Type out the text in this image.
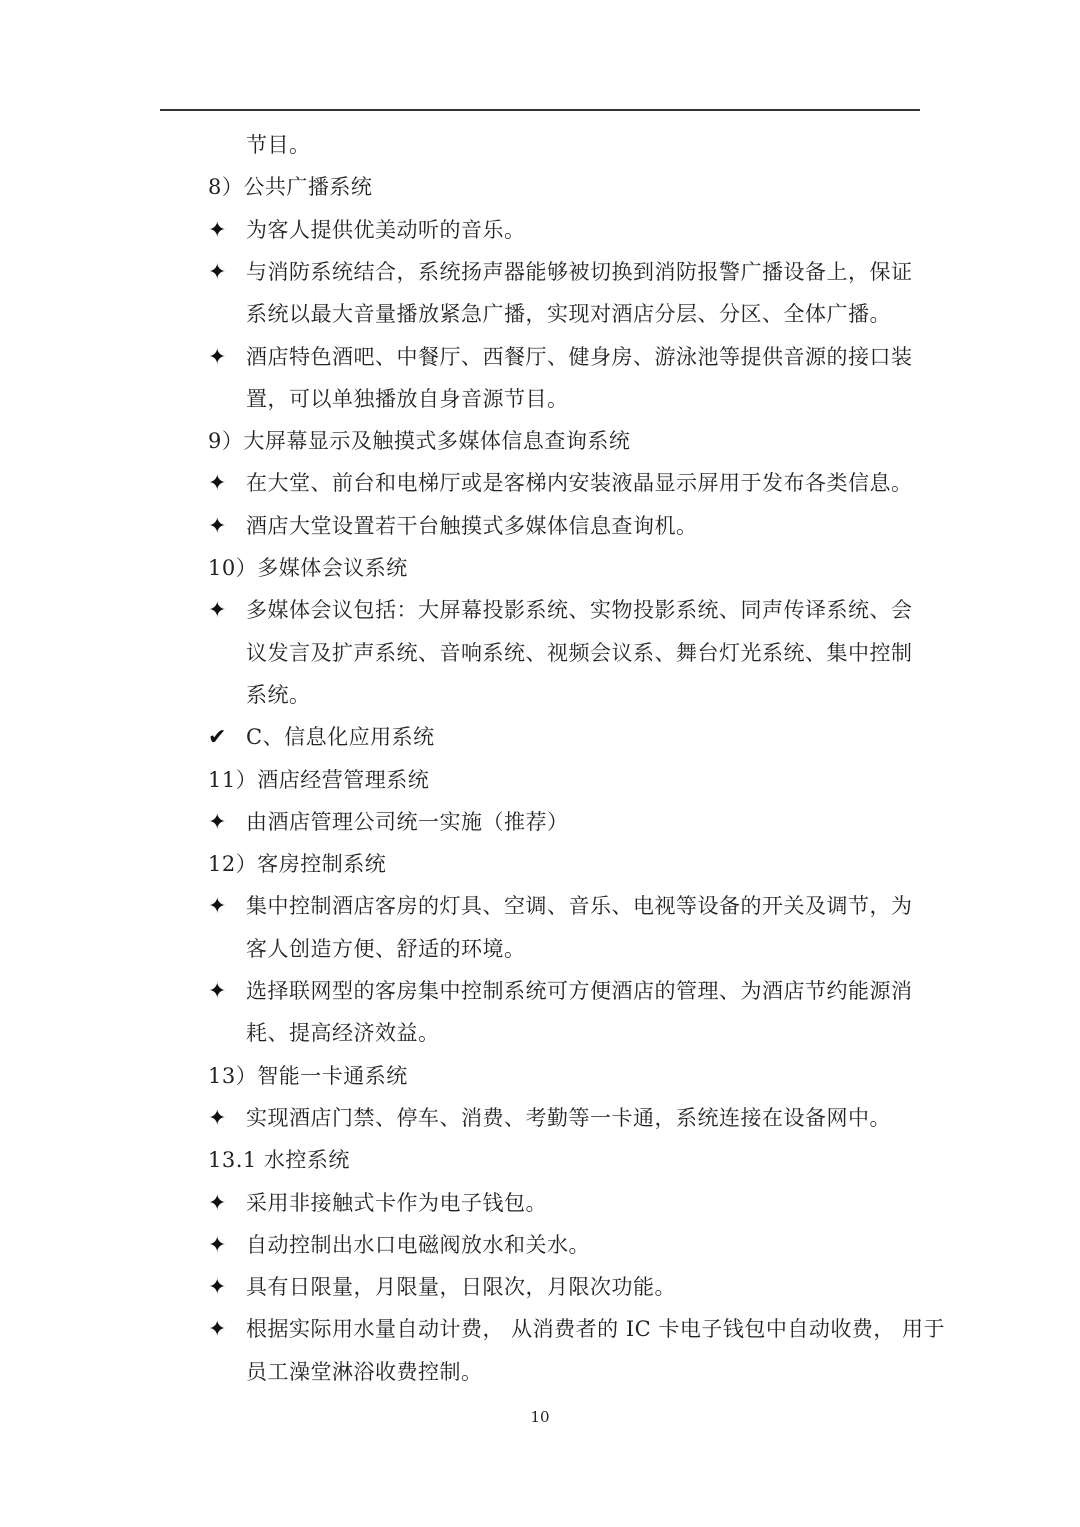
节目。
8）公共广播系统
✦ 为客人提供优美动听的音乐。
✦ 与消防系统结合，系统扬声器能够被切换到消防报警广播设备上，保证
系统以最大音量播放紧急广播，实现对酒店分层、分区、全体广播。
✦ 酒店特色酒吧、中餐厅、西餐厅、健身房、游泳池等提供音源的接口装
置，可以单独播放自身音源节目。
9）大屏幕显示及触摸式多媒体信息查询系统
✦ 在大堂、前台和电梯厅或是客梯内安装液晶显示屏用于发布各类信息。
✦ 酒店大堂设置若干台触摸式多媒体信息查询机。
10）多媒体会议系统
✦ 多媒体会议包括：大屏幕投影系统、实物投影系统、同声传译系统、会
议发言及扩声系统、音响系统、视频会议系、舞台灯光系统、集中控制
系统。
✔ C、信息化应用系统
11）酒店经营管理系统
✦ 由酒店管理公司统一实施（推荐）
12）客房控制系统
✦ 集中控制酒店客房的灯具、空调、音乐、电视等设备的开关及调节，为
客人创造方便、舒适的环境。
✦ 选择联网型的客房集中控制系统可方便酒店的管理、为酒店节约能源消
耗、提高经济效益。
13）智能一卡通系统
✦ 实现酒店门禁、停车、消费、考勤等一卡通，系统连接在设备网中。
13.1 水控系统
✦ 采用非接触式卡作为电子钱包。
✦ 自动控制出水口电磁阀放水和关水。
✦ 具有日限量，月限量，日限次，月限次功能。
✦ 根据实际用水量自动计费， 从消费者的 IC 卡电子钱包中自动收费， 用于
员工澡堂淋浴收费控制。
10
